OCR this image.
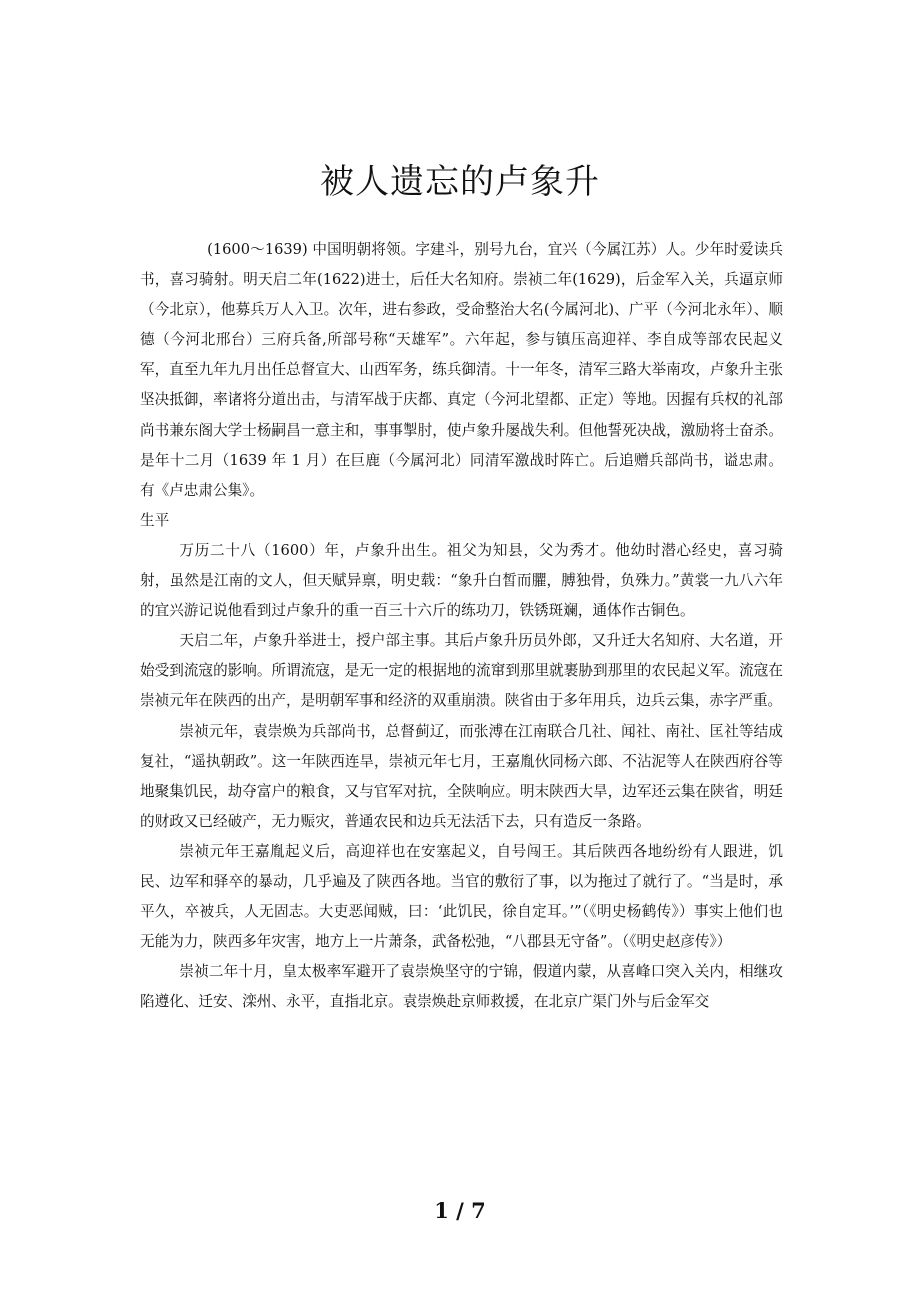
被人遗忘的卢象升

(1600～1639) 中国明朝将领。字建斗，别号九台，宜兴（今属江苏）人。少年时爱读兵书，喜习骑射。明天启二年(1622)进士，后任大名知府。崇祯二年(1629)，后金军入关，兵逼京师（今北京），他募兵万人入卫。次年，进右参政，受命整治大名(今属河北)、广平（今河北永年）、顺德（今河北邢台）三府兵备,所部号称“天雄军”。六年起，参与镇压高迎祥、李自成等部农民起义军，直至九年九月出任总督宣大、山西军务，练兵御清。十一年冬，清军三路大举南攻，卢象升主张坚决抵御，率诸将分道出击，与清军战于庆都、真定（今河北望都、正定）等地。因握有兵权的礼部尚书兼东阁大学士杨嗣昌一意主和，事事掣肘，使卢象升屡战失利。但他誓死决战，激励将士奋杀。 是年十二月（1639 年 1 月）在巨鹿（今属河北）同清军激战时阵亡。后追赠兵部尚书，谥忠肃。有《卢忠肃公集》。

生平

万历二十八（1600）年，卢象升出生。祖父为知县，父为秀才。他幼时潜心经史，喜习骑射，虽然是江南的文人，但天赋异禀，明史载：“象升白皙而臞，膊独骨，负殊力。”黄裳一九八六年的宜兴游记说他看到过卢象升的重一百三十六斤的练功刀，铁锈斑斓，通体作古铜色。

天启二年，卢象升举进士，授户部主事。其后卢象升历员外郎，又升迁大名知府、大名道，开始受到流寇的影响。所谓流寇，是无一定的根据地的流窜到那里就裹胁到那里的农民起义军。流寇在崇祯元年在陕西的出产，是明朝军事和经济的双重崩溃。陕省由于多年用兵，边兵云集，赤字严重。

崇祯元年，袁崇焕为兵部尚书，总督蓟辽，而张溥在江南联合几社、闻社、南社、匡社等结成复社，“遥执朝政”。这一年陕西连旱，崇祯元年七月，王嘉胤伙同杨六郎、不沾泥等人在陕西府谷等地聚集饥民，劫夺富户的粮食，又与官军对抗，全陕响应。明末陕西大旱，边军还云集在陕省，明廷的财政又已经破产，无力赈灾，普通农民和边兵无法活下去，只有造反一条路。

崇祯元年王嘉胤起义后，高迎祥也在安塞起义，自号闯王。其后陕西各地纷纷有人跟进，饥民、边军和驿卒的暴动，几乎遍及了陕西各地。当官的敷衍了事，以为拖过了就行了。“当是时，承平久，卒被兵，人无固志。大吏恶闻贼，曰：‘此饥民，徐自定耳。’”（《明史杨鹤传》）事实上他们也无能为力，陕西多年灾害，地方上一片萧条，武备松弛，“八郡县无守备”。（《明史赵彦传》）

崇祯二年十月，皇太极率军避开了袁崇焕坚守的宁锦，假道内蒙，从喜峰口突入关内，相继攻陷遵化、迁安、滦州、永平，直指北京。袁崇焕赴京师救援，在北京广渠门外与后金军交

1 / 7
